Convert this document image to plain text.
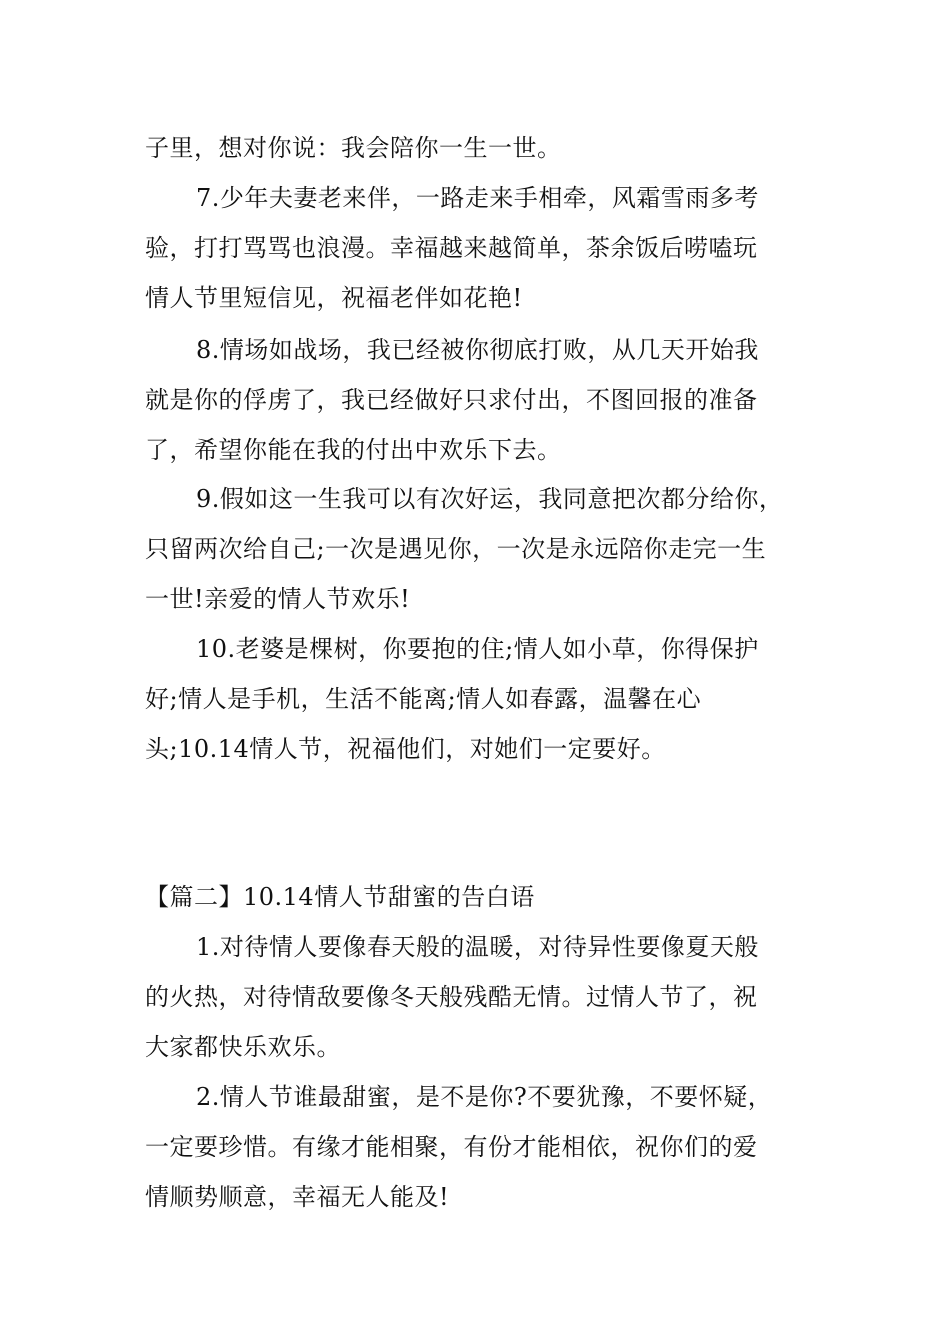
子里，想对你说：我会陪你一生一世。
7.少年夫妻老来伴，一路走来手相牵，风霜雪雨多考
验，打打骂骂也浪漫。幸福越来越简单，茶余饭后唠嗑玩
情人节里短信见，祝福老伴如花艳!
8.情场如战场，我已经被你彻底打败，从几天开始我
就是你的俘虏了，我已经做好只求付出，不图回报的准备
了，希望你能在我的付出中欢乐下去。
9.假如这一生我可以有次好运，我同意把次都分给你，
只留两次给自己;一次是遇见你，一次是永远陪你走完一生
一世!亲爱的情人节欢乐!
10.老婆是棵树，你要抱的住;情人如小草，你得保护
好;情人是手机，生活不能离;情人如春露，温馨在心
头;10.14情人节，祝福他们，对她们一定要好。
【篇二】10.14情人节甜蜜的告白语
1.对待情人要像春天般的温暖，对待异性要像夏天般
的火热，对待情敌要像冬天般残酷无情。过情人节了，祝
大家都快乐欢乐。
2.情人节谁最甜蜜，是不是你?不要犹豫，不要怀疑，
一定要珍惜。有缘才能相聚，有份才能相依，祝你们的爱
情顺势顺意，幸福无人能及!
